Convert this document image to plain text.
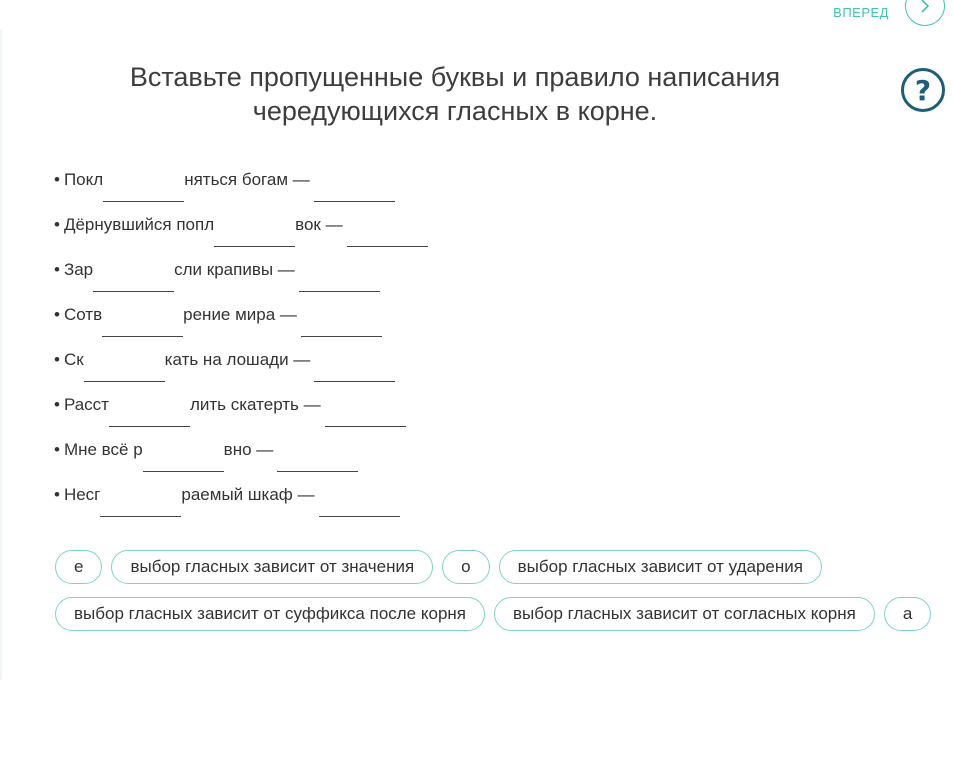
ВПЕРЕД
?
Вставьте пропущенные буквы и правило написания
чередующихся гласных в корне.
• Покл	няться богам —
• Дёрнувшийся попл	вок —
• Зар	сли крапивы —
• Сотв	рение мира —
• Ск	кать на лошади —
• Расст	лить скатерть —
• Мне всё р	вно —
• Несг	раемый шкаф —
е	выбор гласных зависит от значения	о	выбор гласных зависит от ударения
выбор гласных зависит от суффикса после корня	выбор гласных зависит от согласных корня	а
